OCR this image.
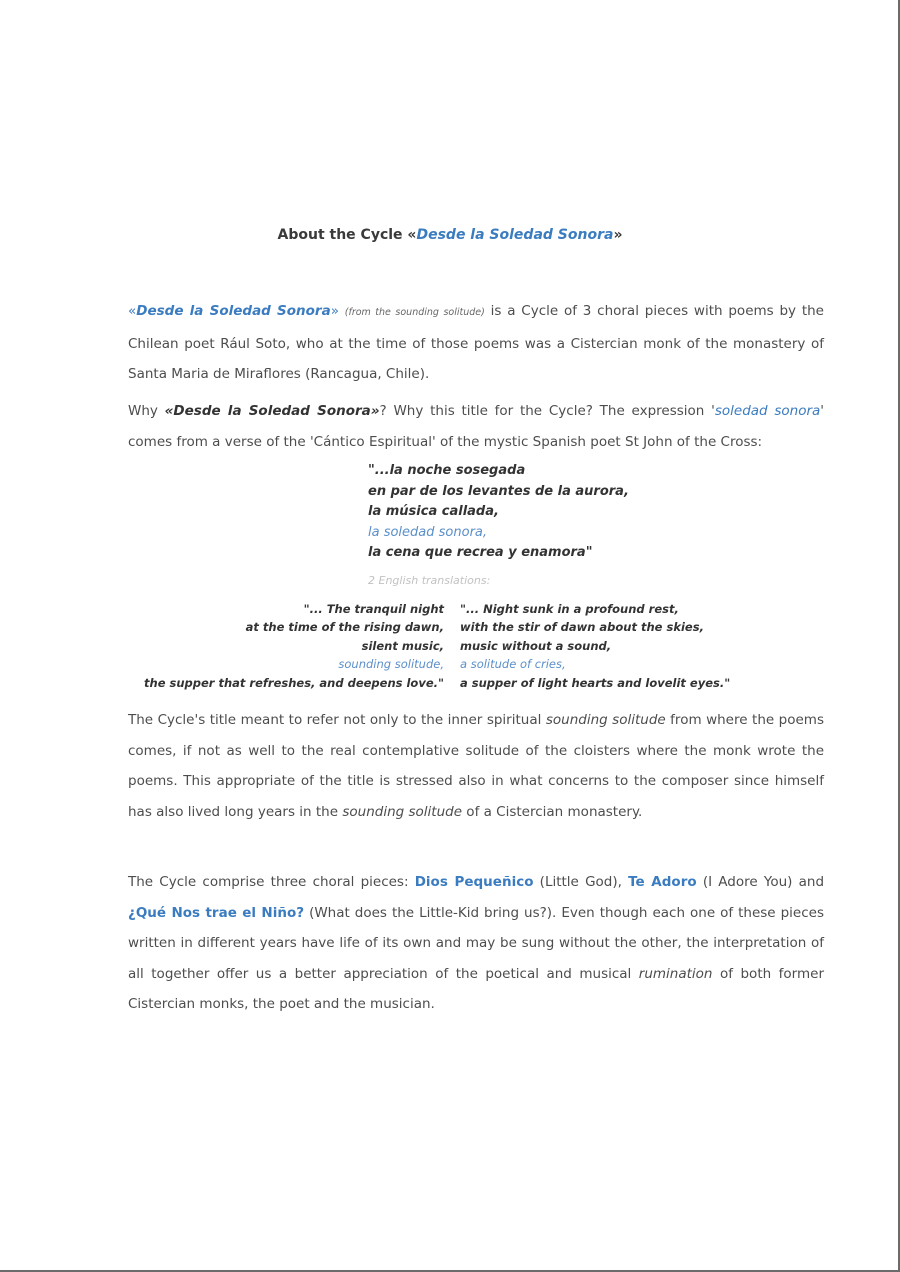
About the Cycle «Desde la Soledad Sonora»
«Desde la Soledad Sonora» (from the sounding solitude) is a Cycle of 3 choral pieces with poems by the Chilean poet Rául Soto, who at the time of those poems was a Cistercian monk of the monastery of Santa Maria de Miraflores (Rancagua, Chile).
Why «Desde la Soledad Sonora»? Why this title for the Cycle? The expression 'soledad sonora' comes from a verse of the 'Cántico Espiritual' of the mystic Spanish poet St John of the Cross:
"...la noche sosegada
en par de los levantes de la aurora,
la música callada,
la soledad sonora,
la cena que recrea y enamora"
2 English translations:
"... The tranquil night
at the time of the rising dawn,
silent music,
sounding solitude,
the supper that refreshes, and deepens love."
"... Night sunk in a profound rest,
with the stir of dawn about the skies,
music without a sound,
a solitude of cries,
a supper of light hearts and lovelit eyes."
The Cycle's title meant to refer not only to the inner spiritual sounding solitude from where the poems comes, if not as well to the real contemplative solitude of the cloisters where the monk wrote the poems. This appropriate of the title is stressed also in what concerns to the composer since himself has also lived long years in the sounding solitude of a Cistercian monastery.
The Cycle comprise three choral pieces: Dios Pequeñico (Little God), Te Adoro (I Adore You) and ¿Qué Nos trae el Niño? (What does the Little-Kid bring us?). Even though each one of these pieces written in different years have life of its own and may be sung without the other, the interpretation of all together offer us a better appreciation of the poetical and musical rumination of both former Cistercian monks, the poet and the musician.
